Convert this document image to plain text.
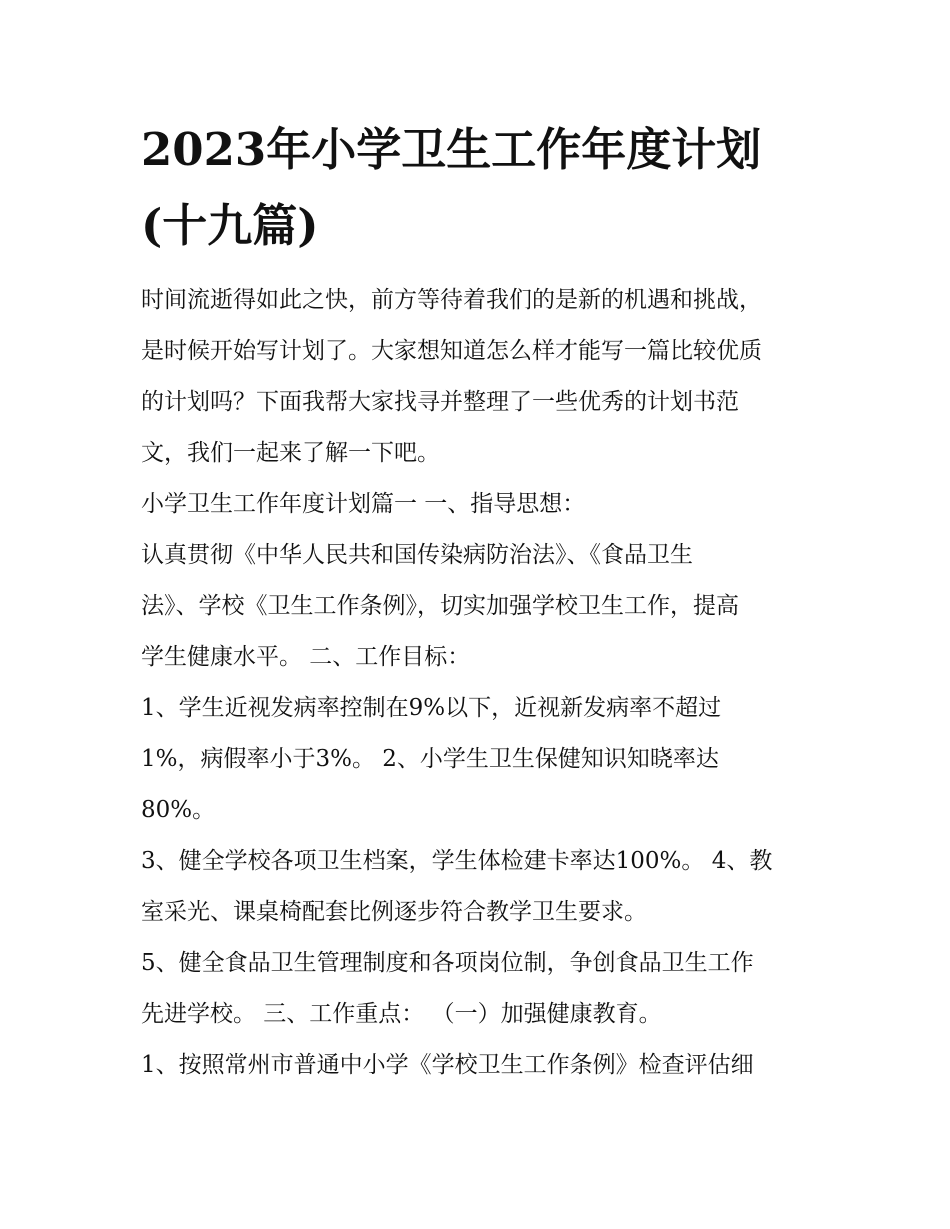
2023年小学卫生工作年度计划
(十九篇)
时间流逝得如此之快，前方等待着我们的是新的机遇和挑战，
是时候开始写计划了。大家想知道怎么样才能写一篇比较优质
的计划吗？下面我帮大家找寻并整理了一些优秀的计划书范
文，我们一起来了解一下吧。
小学卫生工作年度计划篇一 一、指导思想：
认真贯彻《中华人民共和国传染病防治法》、《食品卫生
法》、学校《卫生工作条例》，切实加强学校卫生工作，提高
学生健康水平。 二、工作目标：
1、学生近视发病率控制在9%以下，近视新发病率不超过
1%，病假率小于3%。 2、小学生卫生保健知识知晓率达
80%。
3、健全学校各项卫生档案，学生体检建卡率达100%。 4、教
室采光、课桌椅配套比例逐步符合教学卫生要求。
5、健全食品卫生管理制度和各项岗位制，争创食品卫生工作
先进学校。 三、工作重点： （一）加强健康教育。
1、按照常州市普通中小学《学校卫生工作条例》检查评估细
